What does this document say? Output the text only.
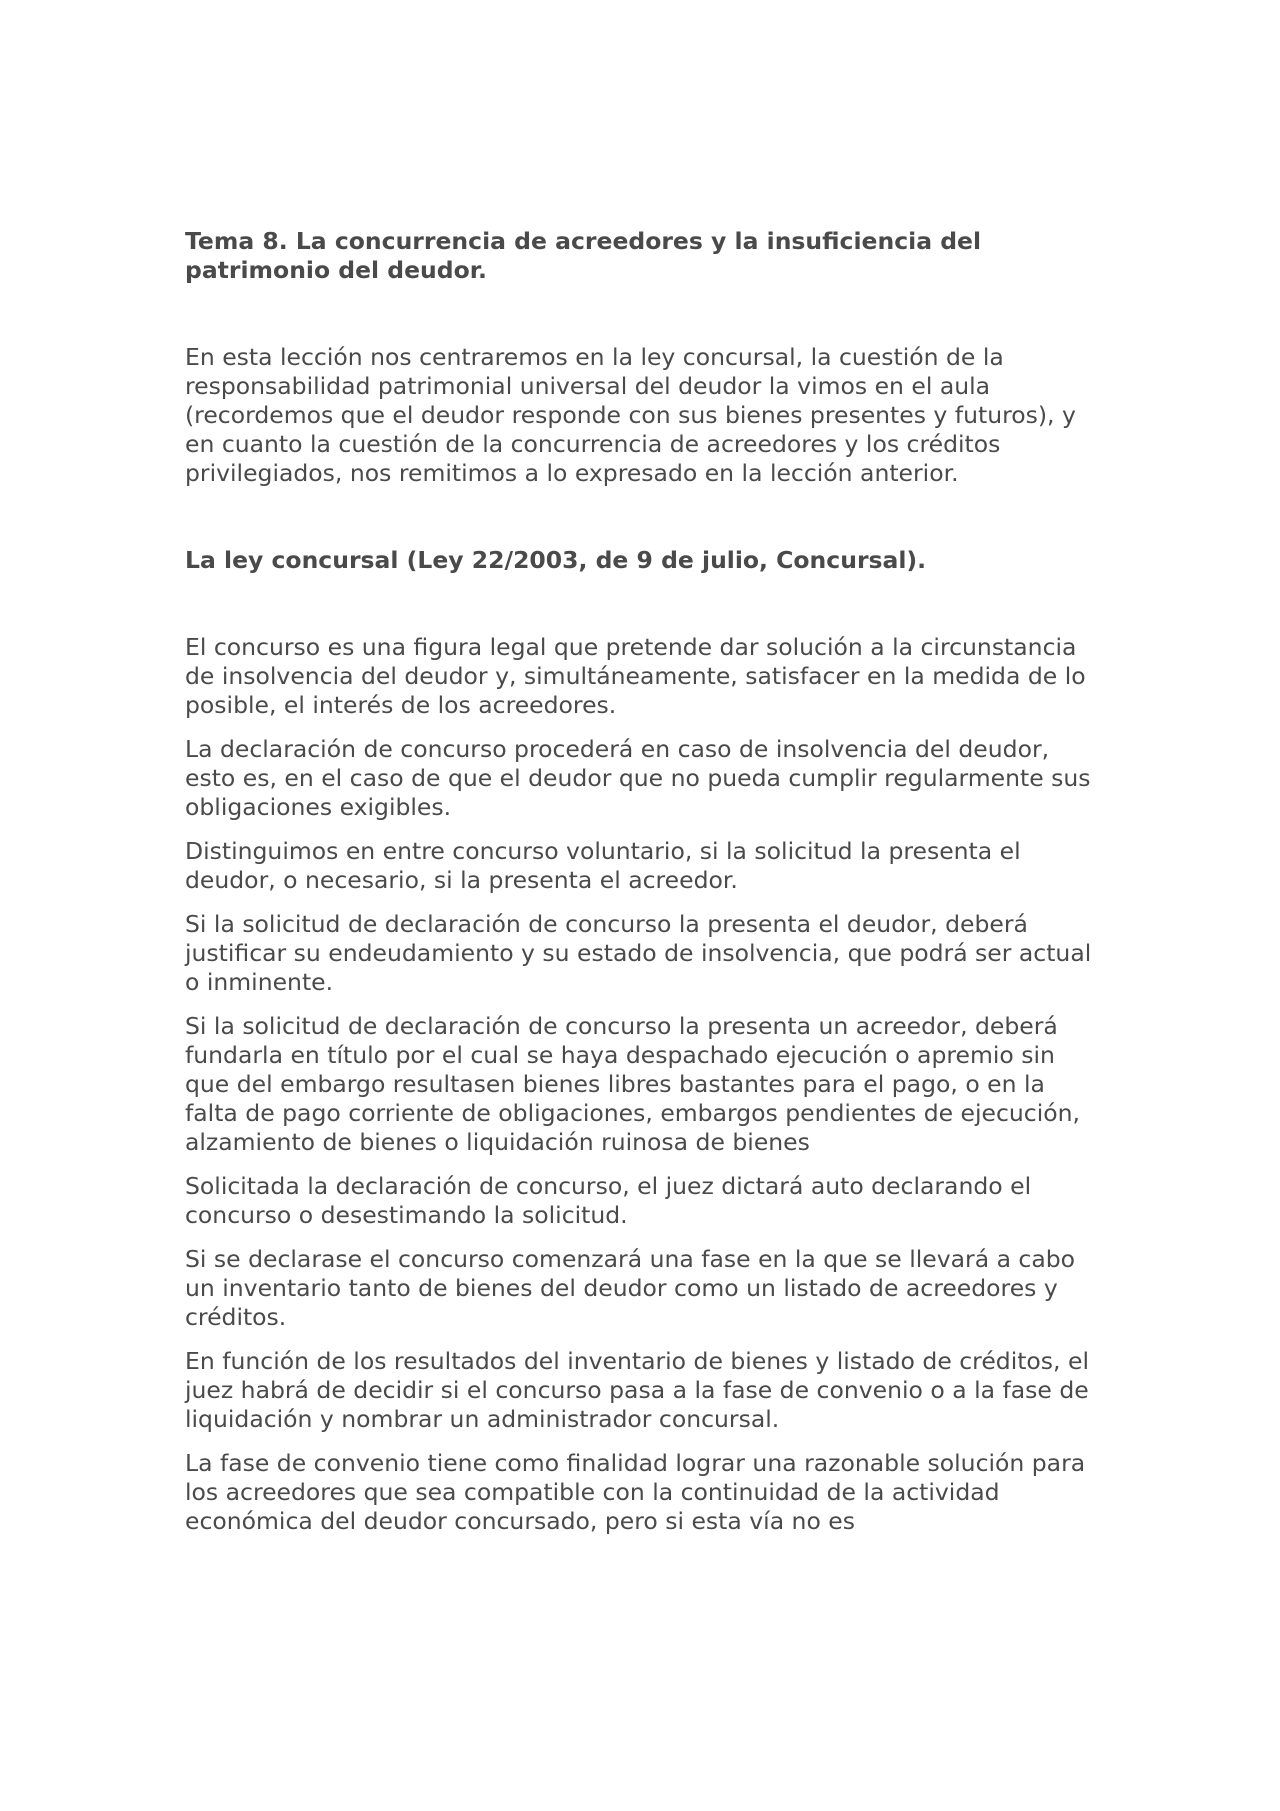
Tema 8. La concurrencia de acreedores y la insuficiencia del patrimonio del deudor.

En esta lección nos centraremos en la ley concursal, la cuestión de la responsabilidad patrimonial universal del deudor la vimos en el aula (recordemos que el deudor responde con sus bienes presentes y futuros), y en cuanto la cuestión de la concurrencia de acreedores y los créditos privilegiados, nos remitimos a lo expresado en la lección anterior.

La ley concursal (Ley 22/2003, de 9 de julio, Concursal).

El concurso es una figura legal que pretende dar solución a la circunstancia de insolvencia del deudor y, simultáneamente, satisfacer en la medida de lo posible, el interés de los acreedores.

La declaración de concurso procederá en caso de insolvencia del deudor, esto es, en el caso de que el deudor que no pueda cumplir regularmente sus obligaciones exigibles.

Distinguimos en entre concurso voluntario, si la solicitud la presenta el deudor, o necesario, si la presenta el acreedor.

Si la solicitud de declaración de concurso la presenta el deudor, deberá justificar su endeudamiento y su estado de insolvencia, que podrá ser actual o inminente.

Si la solicitud de declaración de concurso la presenta un acreedor, deberá fundarla en título por el cual se haya despachado ejecución o apremio sin que del embargo resultasen bienes libres bastantes para el pago, o en la falta de pago corriente de obligaciones, embargos pendientes de ejecución, alzamiento de bienes o liquidación ruinosa de bienes

Solicitada la declaración de concurso, el juez dictará auto declarando el concurso o desestimando la solicitud.

Si se declarase el concurso comenzará una fase en la que se llevará a cabo un inventario tanto de bienes del deudor como un listado de acreedores y créditos.

En función de los resultados del inventario de bienes y listado de créditos, el juez habrá de decidir si el concurso pasa a la fase de convenio o a la fase de liquidación y nombrar un administrador concursal.

La fase de convenio tiene como finalidad lograr una razonable solución para los acreedores que sea compatible con la continuidad de la actividad económica del deudor concursado, pero si esta vía no es
